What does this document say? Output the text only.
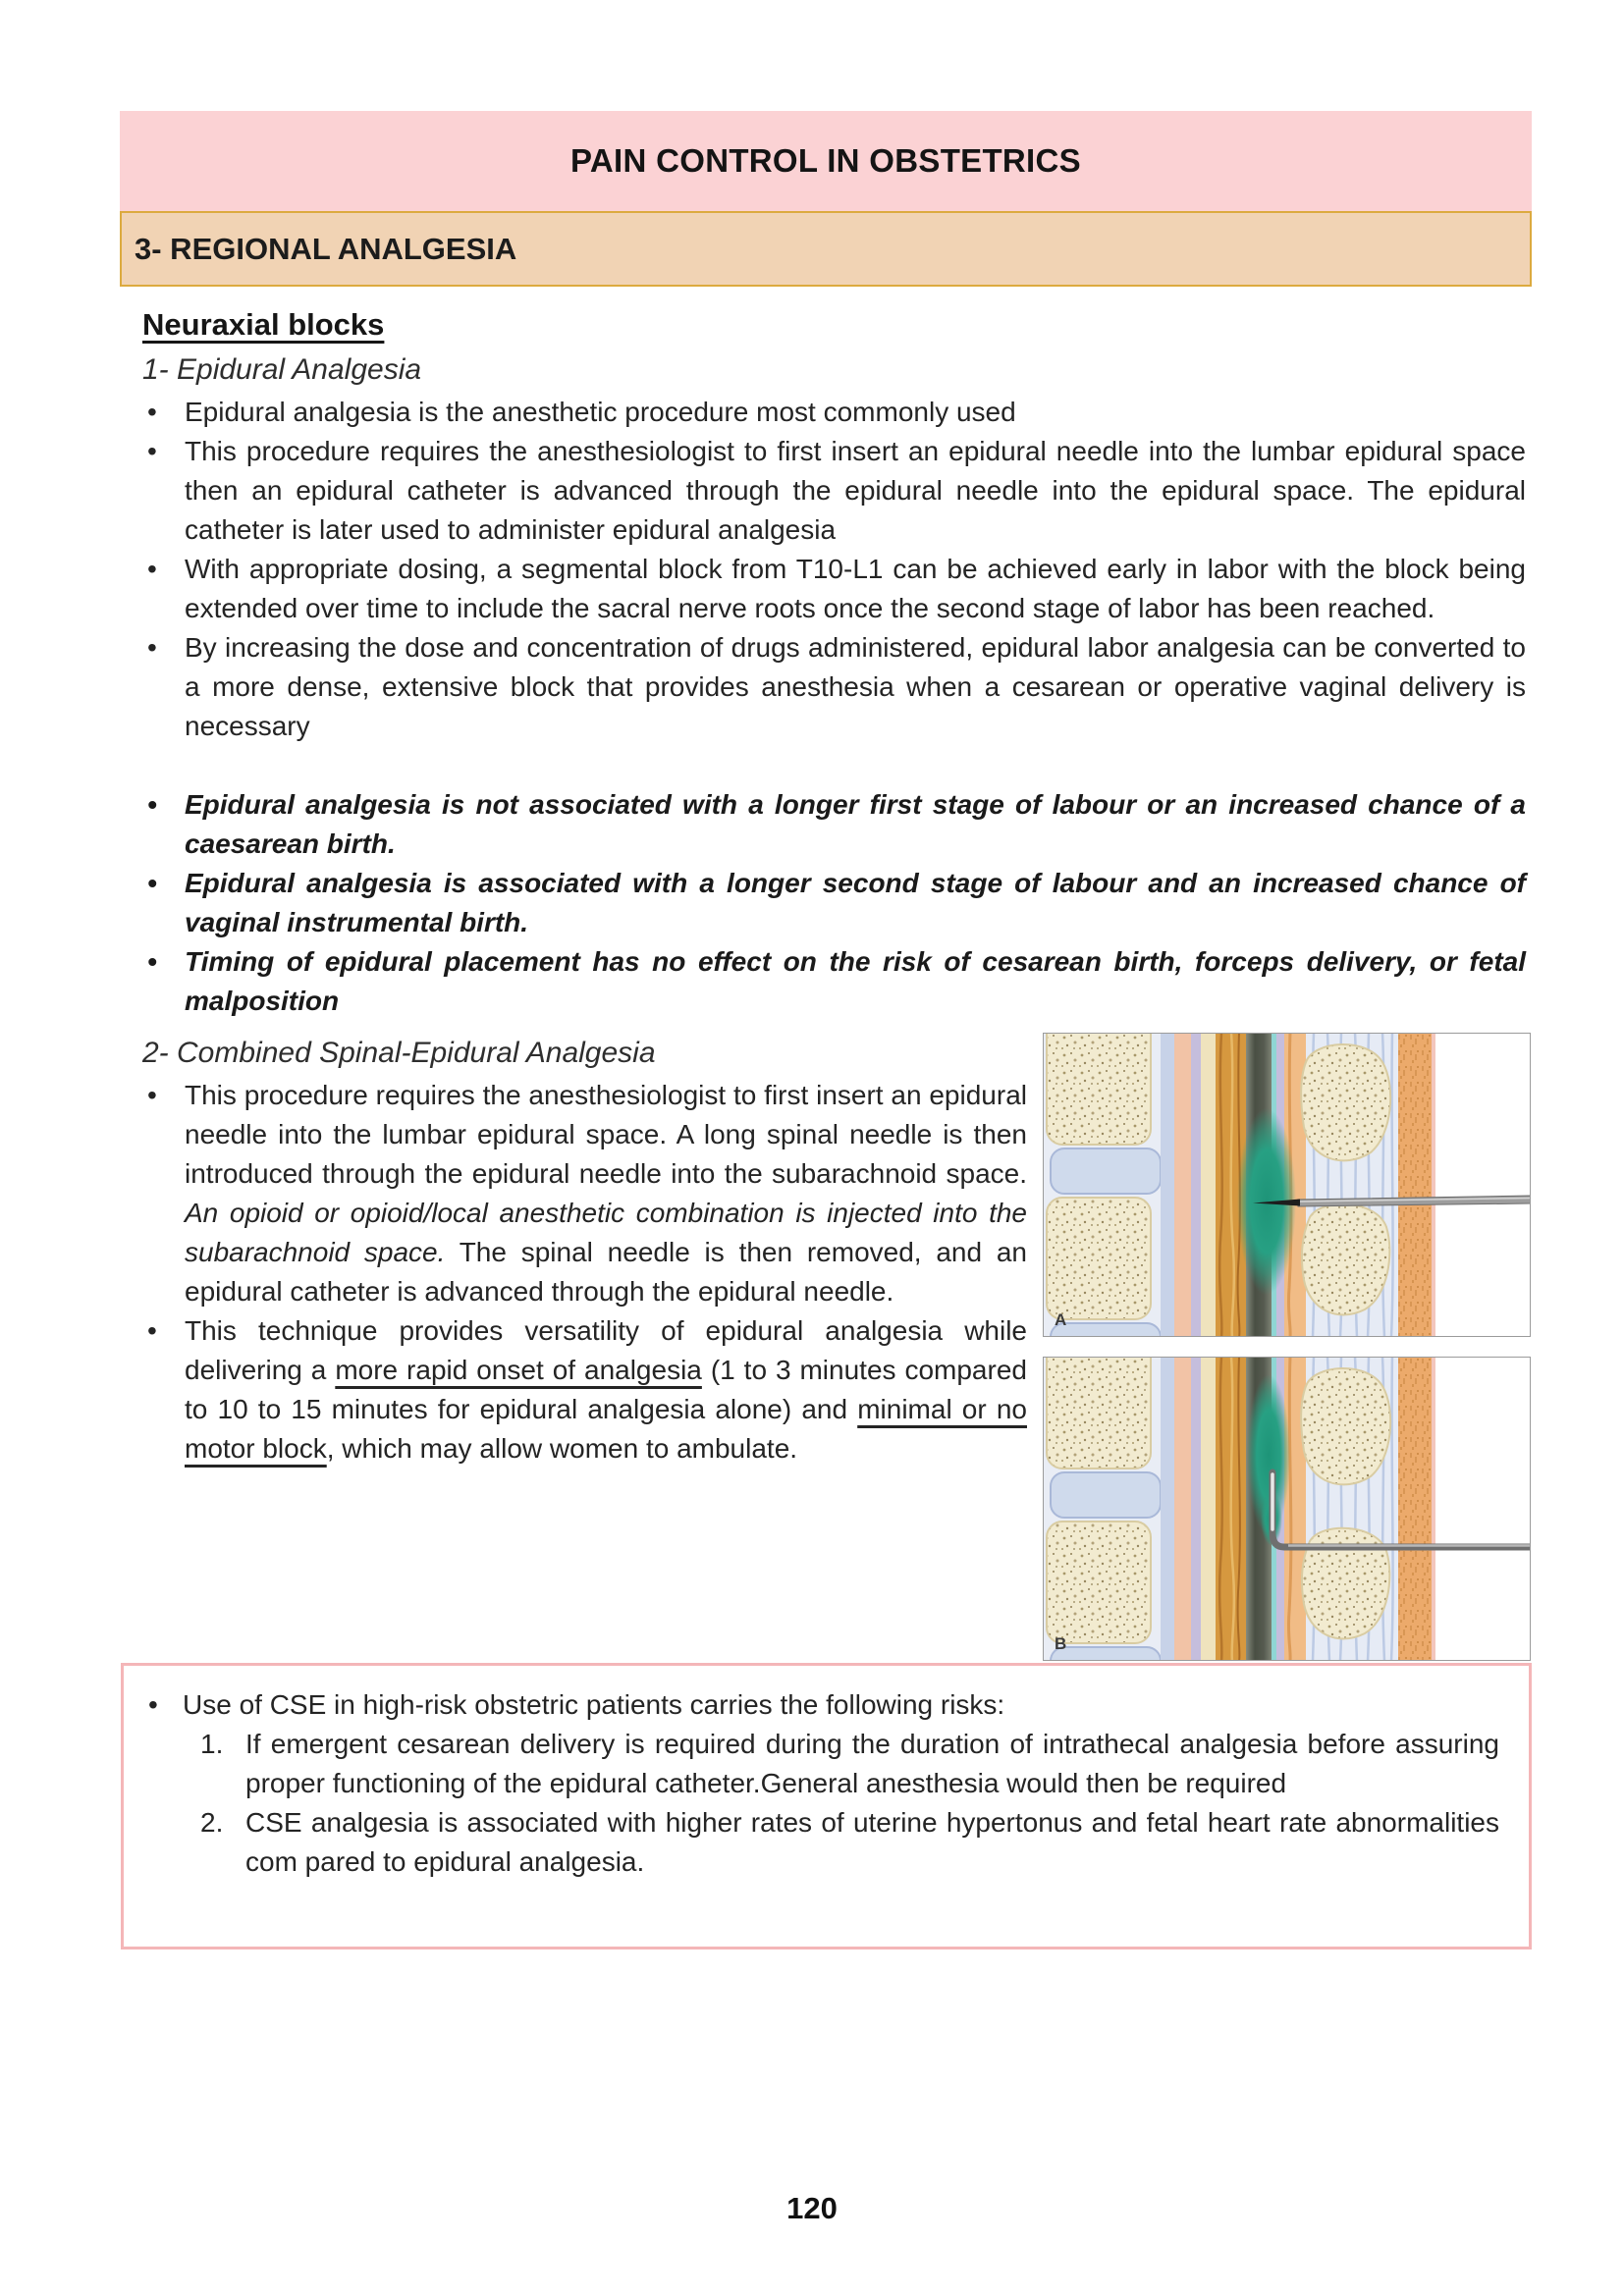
PAIN CONTROL IN OBSTETRICS
3- REGIONAL ANALGESIA
Neuraxial blocks
1- Epidural Analgesia
•	Epidural analgesia is the anesthetic procedure most commonly used
•	This procedure requires the anesthesiologist to first insert an epidural needle into the lumbar epidural space then an epidural catheter is advanced through the epidural needle into the epidural space. The epidural catheter is later used to administer epidural analgesia
•	With appropriate dosing, a segmental block from T10-L1 can be achieved early in labor with the block being extended over time to include the sacral nerve roots once the second stage of labor has been reached.
•	By increasing the dose and concentration of drugs administered, epidural labor analgesia can be converted to a more dense, extensive block that provides anesthesia when a cesarean or operative vaginal delivery is necessary
•	Epidural analgesia is not associated with a longer first stage of labour or an increased chance of a caesarean birth.
•	Epidural analgesia is associated with a longer second stage of labour and an increased chance of vaginal instrumental birth.
•	Timing of epidural placement has no effect on the risk of cesarean birth, forceps delivery, or fetal malposition
A
B
2- Combined Spinal-Epidural Analgesia
•	This procedure requires the anesthesiologist to first insert an epidural needle into the lumbar epidural space. A long spinal needle is then introduced through the epidural needle into the subarachnoid space. An opioid or opioid/local anesthetic combination is injected into the subarachnoid space. The spinal needle is then removed, and an epidural catheter is advanced through the epidural needle.
•	This technique provides versatility of epidural analgesia while delivering a more rapid onset of analgesia (1 to 3 minutes compared to 10 to 15 minutes for epidural analgesia alone) and minimal or no motor block, which may allow women to ambulate.
• Use of CSE in high-risk obstetric patients carries the following risks:
1. If emergent cesarean delivery is required during the duration of intrathecal analgesia before assuring proper functioning of the epidural catheter.General anesthesia would then be required
2. CSE analgesia is associated with higher rates of uterine hypertonus and fetal heart rate abnormalities com pared to epidural analgesia.
120
